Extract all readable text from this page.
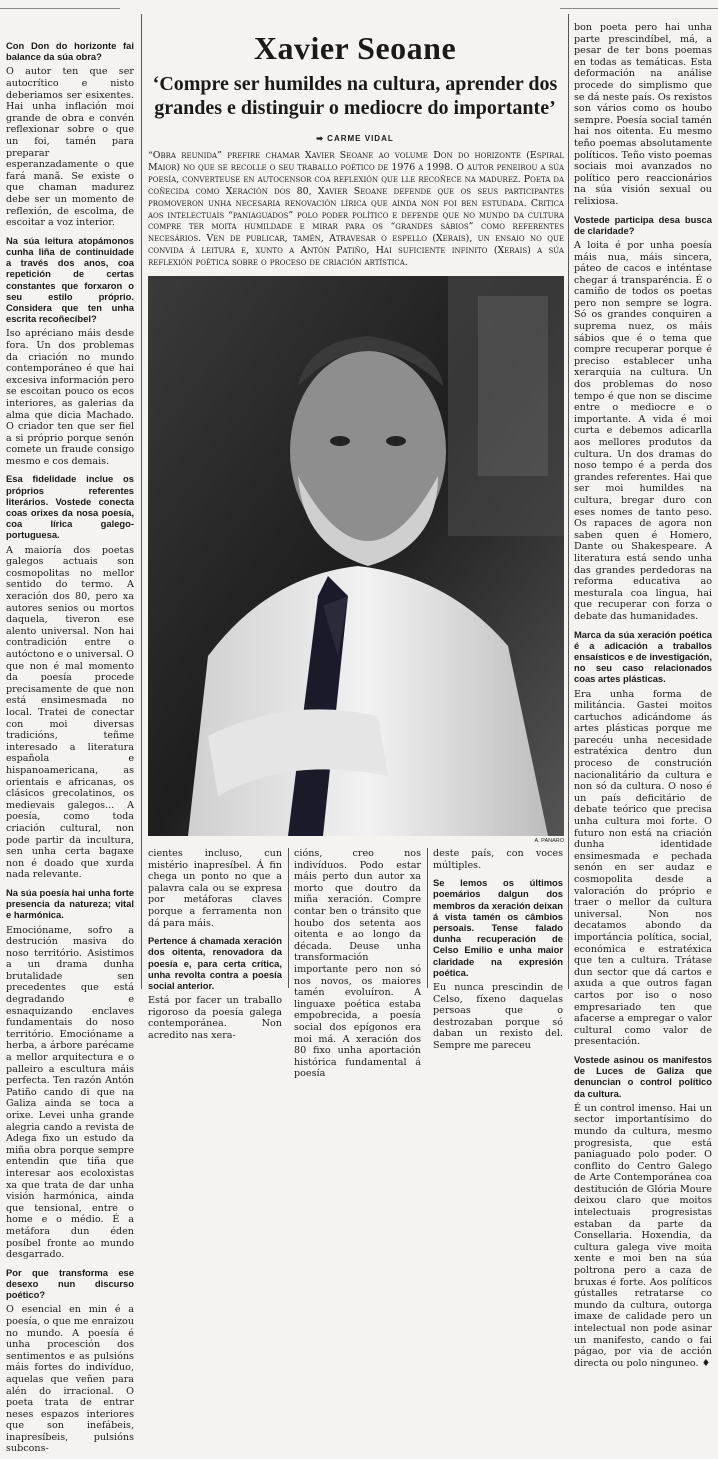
Xavier Seoane
‘Compre ser humildes na cultura, aprender dos grandes e distinguir o mediocre do importante’
➡ CARME VIDAL

“Obra reunida” prefire chamar Xavier Seoane ao volume Don do horizonte (Espiral Maior) no que se recolle o seu traballo poético de 1976 a 1998. O autor peneirou a súa poesía, converteuse en autocensor coa reflexión que lle recoñece na madurez. Poeta da coñecida como Xeración dos 80, Xavier Seoane defende que os seus participantes promoveron unha necesaria renovación lírica que ainda non foi ben estudada. Critica aos intelectuais “paniaguados” polo poder político e defende que no mundo da cultura compre ter moita humildade e mirar para os “grandes sábios” como referentes necesários. Ven de publicar, tamén, Atravesar o espello (Xerais), un ensaio no que convida á leitura e, xunto a Antón Patiño, Hai suficiente infinito (Xerais) a súa reflexión poética sobre o proceso de criación artística.

A. PANARO

Con Don do horizonte fai balance da súa obra?

O autor ten que ser autocrítico e nisto deberiamos ser esixentes. Hai unha inflación moi grande de obra e convén reflexionar sobre o que un foi, tamén para preparar esperanzadamente o que fará manã. Se existe o que chaman madurez debe ser un momento de reflexión, de escolma, de escoitar a voz interior.

Na súa leitura atopámonos cunha liña de continuidade a través dos anos, coa repetición de certas constantes que forxaron o seu estilo próprio. Considera que ten unha escrita recoñecíbel?

Iso apréciano máis desde fora. Un dos problemas da criación no mundo contemporáneo é que hai excesiva información pero se escoitan pouco os ecos interiores, as galerias da alma que dicia Machado. O criador ten que ser fiel a si próprio porque senón comete un fraude consigo mesmo e cos demais.

Esa fidelidade inclue os próprios referentes literários. Vostede conecta coas orixes da nosa poesía, coa lírica galego-portuguesa.

A maioría dos poetas galegos actuais son cosmopolitas no mellor sentido do termo. A xeración dos 80, pero xa autores senios ou mortos daquela, tiveron ese alento universal. Non hai contradición entre o autóctono e o universal. O que non é mal momento da poesía procede precisamente de que non está ensimesmada no local. Tratei de conectar con moi diversas tradicións, teñme interesado a literatura española e hispanoamericana, as orientais e africanas, os clásicos grecolatinos, os medievais galegos... A poesía, como toda criación cultural, non pode partir da incultura, sen unha certa bagaxe non é doado que xurda nada relevante.

Na súa poesía hai unha forte presencia da natureza; vital e harmónica.

Emocióname, sofro a destrución masiva do noso território. Asistimos a un drama dunha brutalidade sen precedentes que está degradando e esnaquizando enclaves fundamentais do noso território. Emocióname a herba, a árbore parécame a mellor arquitectura e o palleiro a escultura máis perfecta. Ten razón Antón Patiño cando di que na Galiza ainda se toca a orixe. Levei unha grande alegria cando a revista de Adega fixo un estudo da miña obra porque sempre entendin que tiña que interesar aos ecoloxistas xa que trata de dar unha visión harmónica, ainda que tensional, entre o home e o médio. É a metáfora dun éden posíbel fronte ao mundo desgarrado.

Por que transforma ese desexo nun discurso poético?

O esencial en min é a poesía, o que me enraizou no mundo. A poesía é unha procesción dos sentimentos e as pulsións máis fortes do indivíduo, aquelas que veñen para alén do irracional. O poeta trata de entrar neses espazos interiores que son inefábeis, inapresíbeis, pulsións subcons-

bon poeta pero hai unha parte prescindíbel, má, a pesar de ter bons poemas en todas as temáticas. Esta deformación na análise procede do simplismo que se dá neste país. Os rexistos son vários como os houbo sempre. Poesía social tamén hai nos oitenta. Eu mesmo teño poemas absolutamente políticos. Teño visto poemas sociais moi avanzados no político pero reaccionários na súa visión sexual ou relixiosa.

Vostede participa desa busca de claridade?

A loita é por unha poesía máis nua, máis sincera, páteo de cacos e inténtase chegar á transparéncia. É o camiño de todos os poetas pero non sempre se logra. Só os grandes conquiren a suprema nuez, os máis sábios que é o tema que compre recuperar porque é preciso establecer unha xerarquia na cultura. Un dos problemas do noso tempo é que non se discime entre o mediocre e o importante. A vida é moi curta e debemos adicarlla aos mellores produtos da cultura. Un dos dramas do noso tempo é a perda dos grandes referentes. Hai que ser moi humildes na cultura, bregar duro con eses nomes de tanto peso. Os rapaces de agora non saben quen é Homero, Dante ou Shakespeare. A literatura está sendo unha das grandes perdedoras na reforma educativa ao mesturala coa lingua, hai que recuperar con forza o debate das humanidades.

Marca da súa xeración poética é a adicación a traballos ensaísticos e de investigación, no seu caso relacionados coas artes plásticas.

Era unha forma de militáncia. Gastei moitos cartuchos adicándome ás artes plásticas porque me parecéu unha necesidade estratéxica dentro dun proceso de construción nacionalitário da cultura e non só da cultura. O noso é un país deficitário de debate teórico que precisa unha cultura moi forte. O futuro non está na criación dunha identidade ensimesmada e pechada senón en ser audaz e cosmopolita desde a valoración do próprio e traer o mellor da cultura universal. Non nos decatamos abondo da importáncia política, social, económica e estratéxica que ten a cultura. Trátase dun sector que dá cartos e axuda a que outros fagan cartos por iso o noso empresariado ten que afacerse a empregar o valor cultural como valor de presentación.

Vostede asinou os manifestos de Luces de Galiza que denuncian o control político da cultura.

É un control imenso. Hai un sector importantísimo do mundo da cultura, mesmo progresista, que está paniaguado polo poder. O conflito do Centro Galego de Arte Contemporánea coa destitución de Glória Moure deixou claro que moitos intelectuais progresistas estaban da parte da Consellaria. Hoxendia, da cultura galega vive moita xente e moi ben na súa poltrona pero a caza de bruxas é forte. Aos políticos gústalles retratarse co mundo da cultura, outorga imaxe de calidade pero un intelectual non pode asinar un manifesto, cando o fai págao, por via de acción directa ou polo ninguneo. ♦

cientes incluso, cun mistério inapresíbel. Á fin chega un ponto no que a palavra cala ou se expresa por metáforas claves porque a ferramenta non dá para máis.

Pertence á chamada xeración dos oitenta, renovadora da poesía e, para certa crítica, unha revolta contra a poesía social anterior.

Está por facer un traballo rigoroso da poesía galega contemporánea. Non acredito nas xera-

cións, creo nos indivíduos. Podo estar máis perto dun autor xa morto que doutro da miña xeración. Compre contar ben o tránsito que houbo dos setenta aos oitenta e ao longo da década. Deuse unha transformación importante pero non só nos novos, os maiores tamén evoluíron. A linguaxe poética estaba empobrecida, a poesía social dos epígonos era moi má. A xeración dos 80 fixo unha aportación histórica fundamental á poesía

deste país, con voces múltiples.

Se lemos os últimos poemários dalgun dos membros da xeración deixan á vista tamén os câmbios persoais. Tense falado dunha recuperación de Celso Emilio e unha maior claridade na expresión poética.

Eu nunca prescindin de Celso, fíxeno daquelas persoas que o destrozaban porque só daban un rexisto del. Sempre me pareceu
